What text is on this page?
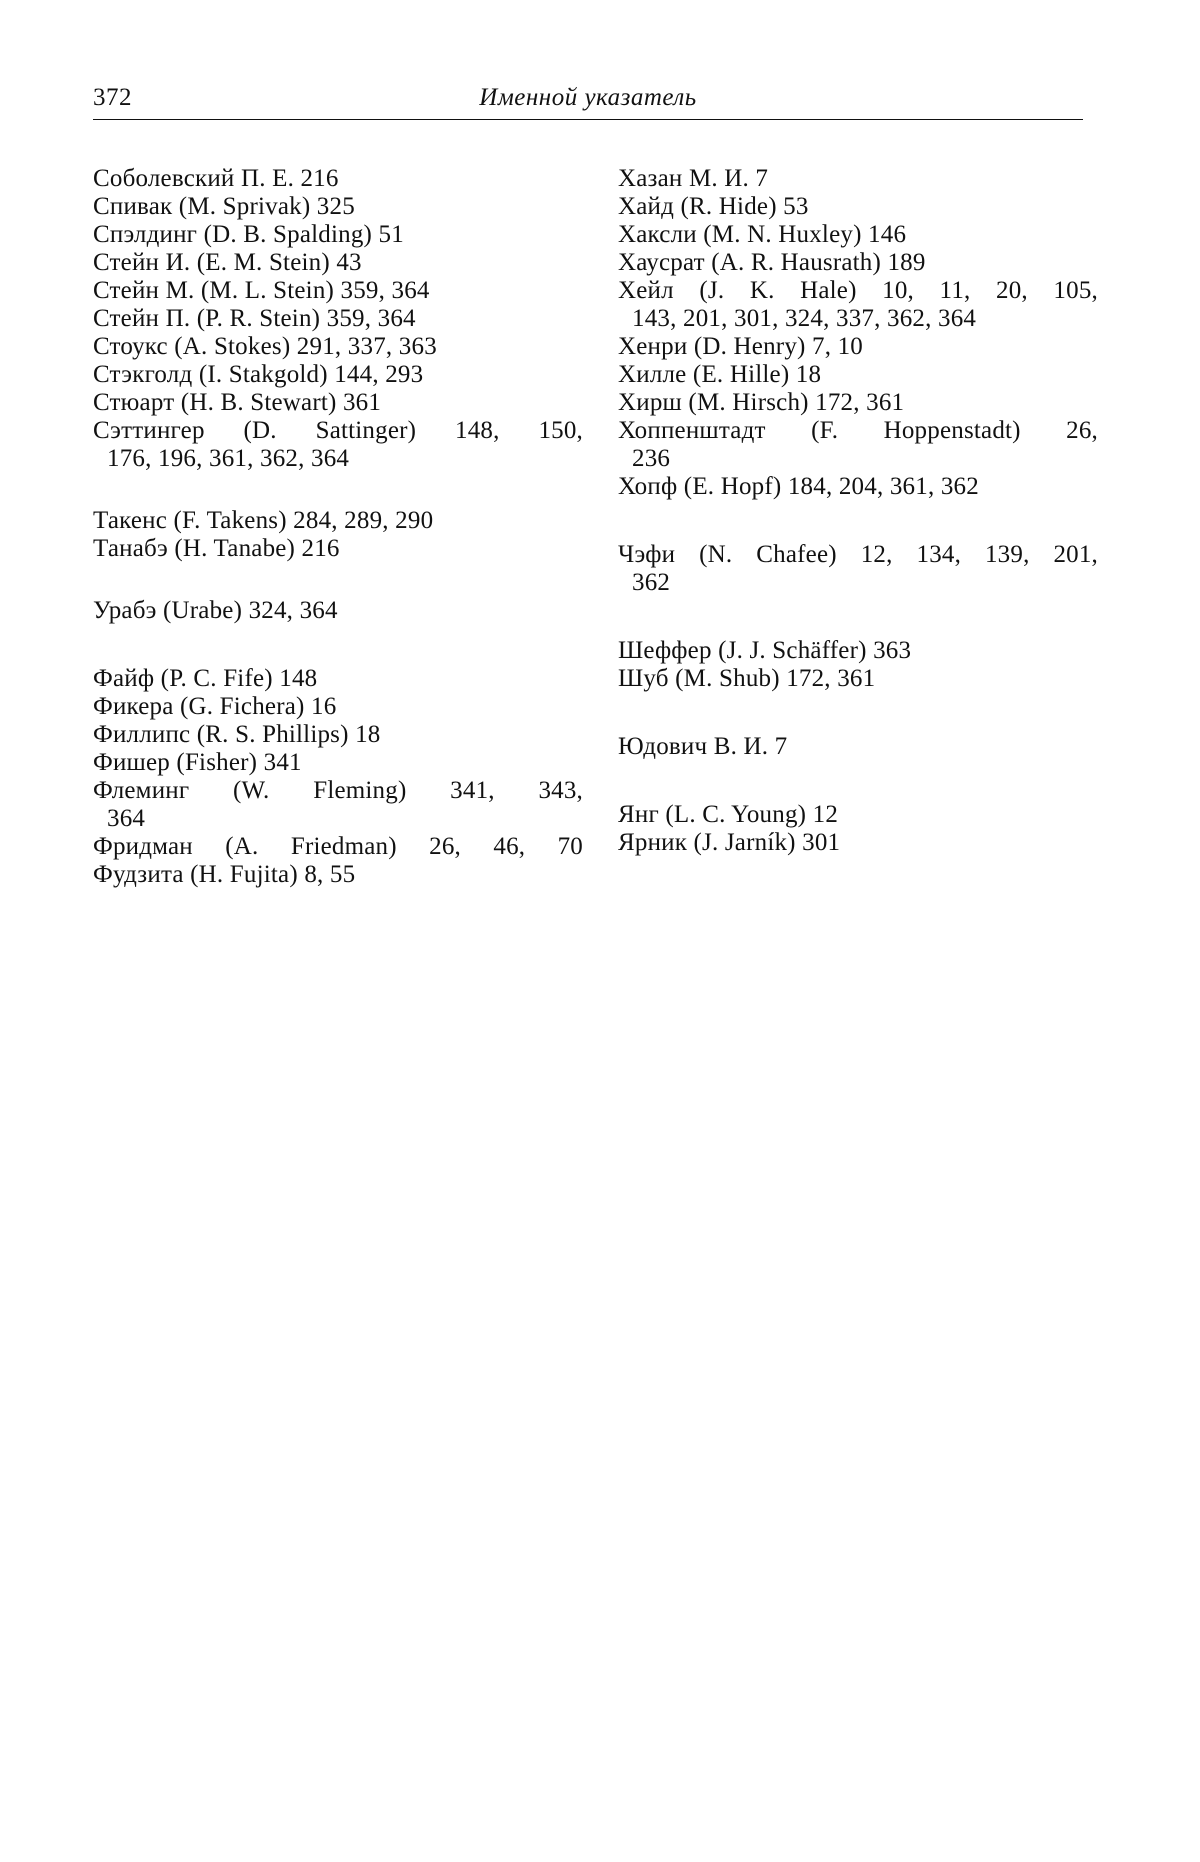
372	Именной указатель
Соболевский П. Е. 216
Спивак (M. Sprivak) 325
Спэлдинг (D. B. Spalding) 51
Стейн И. (E. M. Stein) 43
Стейн М. (M. L. Stein) 359, 364
Стейн П. (P. R. Stein) 359, 364
Стоукс (A. Stokes) 291, 337, 363
Стэкголд (I. Stakgold) 144, 293
Стюарт (H. B. Stewart) 361
Сэттингер (D. Sattinger) 148, 150,
176, 196, 361, 362, 364
Такенс (F. Takens) 284, 289, 290
Танабэ (H. Tanabe) 216
Урабэ (Urabe) 324, 364
Файф (P. C. Fife) 148
Фикера (G. Fichera) 16
Филлипс (R. S. Phillips) 18
Фишер (Fisher) 341
Флеминг (W. Fleming) 341, 343,
364
Фридман (A. Friedman) 26, 46, 70
Фудзита (H. Fujita) 8, 55
Хазан М. И. 7
Хайд (R. Hide) 53
Хаксли (M. N. Huxley) 146
Хаусрат (A. R. Hausrath) 189
Хейл (J. K. Hale) 10, 11, 20, 105,
143, 201, 301, 324, 337, 362, 364
Хенри (D. Henry) 7, 10
Хилле (E. Hille) 18
Хирш (M. Hirsch) 172, 361
Хоппенштадт (F. Hoppenstadt) 26,
236
Хопф (E. Hopf) 184, 204, 361, 362
Чэфи (N. Chafee) 12, 134, 139, 201,
362
Шеффер (J. J. Schäffer) 363
Шуб (M. Shub) 172, 361
Юдович В. И. 7
Янг (L. C. Young) 12
Ярник (J. Jarník) 301
